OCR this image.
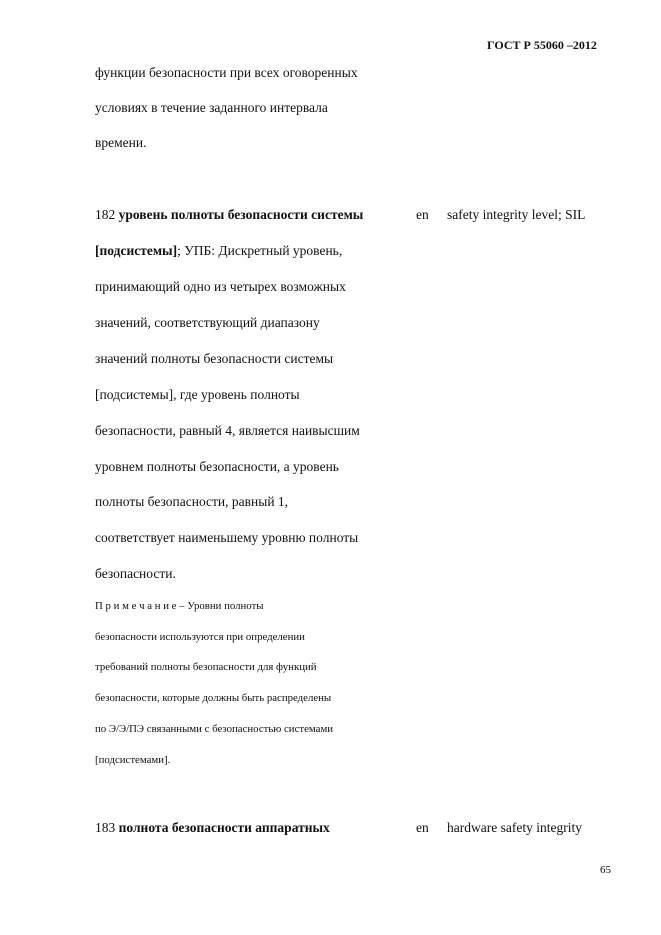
ГОСТ Р 55060 –2012
функции безопасности при всех оговоренных
условиях в течение заданного интервала
времени.
182 уровень полноты безопасности системы	en safety integrity level; SIL
[подсистемы]; УПБ: Дискретный уровень,
принимающий одно из четырех возможных
значений, соответствующий диапазону
значений полноты безопасности системы
[подсистемы], где уровень полноты
безопасности, равный 4, является наивысшим
уровнем полноты безопасности, а уровень
полноты безопасности, равный 1,
соответствует наименьшему уровню полноты
безопасности.
П р и м е ч а н и е – Уровни полноты
безопасности используются при определении
требований полноты безопасности для функций
безопасности, которые должны быть распределены
по Э/Э/ПЭ связанными с безопасностью системами
[подсистемами].
183 полнота безопасности аппаратных	en hardware safety integrity
65
